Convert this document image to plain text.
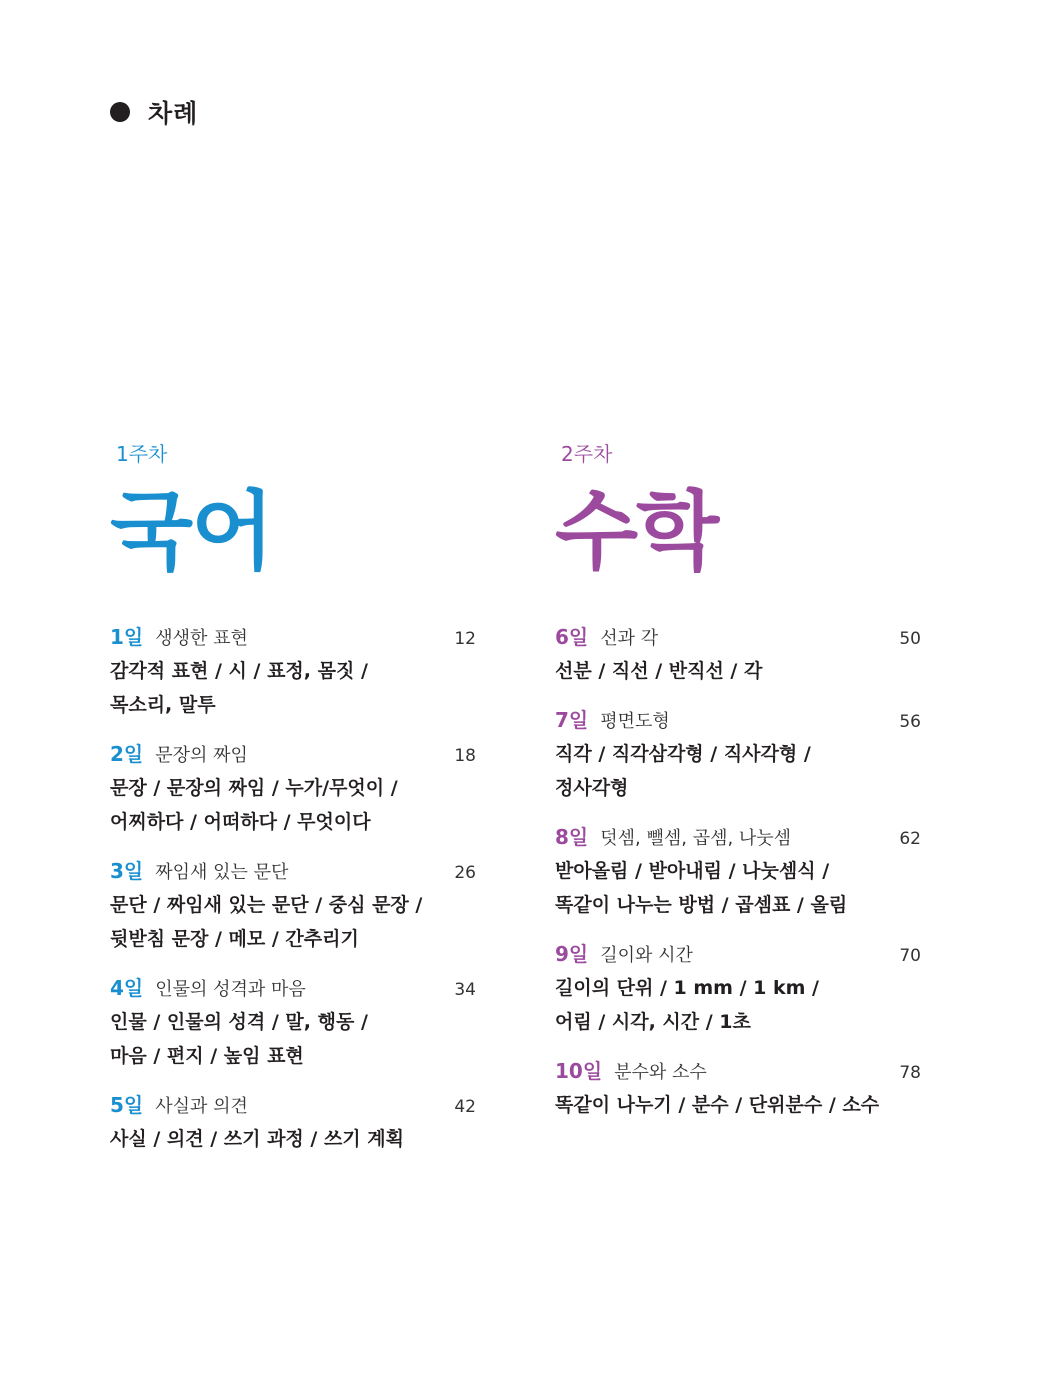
차례
1주차
국어
1일 생생한 표현	12
감각적 표현 / 시 / 표정, 몸짓 /
목소리, 말투
2일 문장의 짜임	18
문장 / 문장의 짜임 / 누가/무엇이 /
어찌하다 / 어떠하다 / 무엇이다
3일 짜임새 있는 문단	26
문단 / 짜임새 있는 문단 / 중심 문장 /
뒷받침 문장 / 메모 / 간추리기
4일 인물의 성격과 마음	34
인물 / 인물의 성격 / 말, 행동 /
마음 / 편지 / 높임 표현
5일 사실과 의견	42
사실 / 의견 / 쓰기 과정 / 쓰기 계획
2주차
수학
6일 선과 각	50
선분 / 직선 / 반직선 / 각
7일 평면도형	56
직각 / 직각삼각형 / 직사각형 /
정사각형
8일 덧셈, 뺄셈, 곱셈, 나눗셈	62
받아올림 / 받아내림 / 나눗셈식 /
똑같이 나누는 방법 / 곱셈표 / 올림
9일 길이와 시간	70
길이의 단위 / 1 mm / 1 km /
어림 / 시각, 시간 / 1초
10일 분수와 소수	78
똑같이 나누기 / 분수 / 단위분수 / 소수
